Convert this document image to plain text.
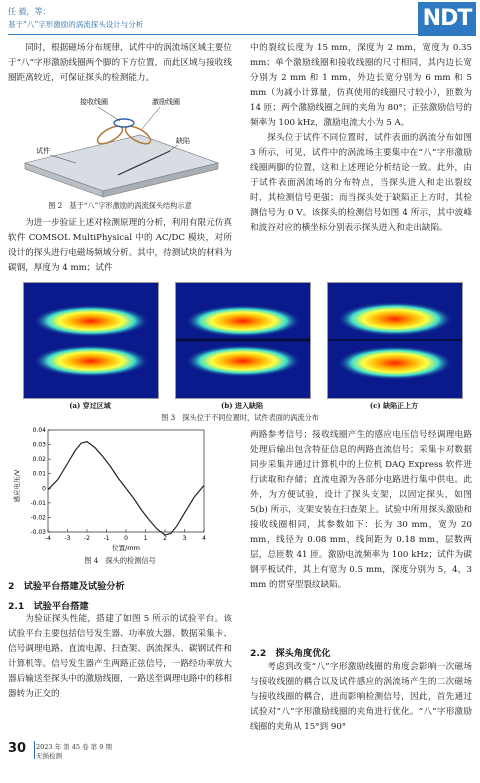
任 毅，等：
基于“八”字形激励的涡流探头设计与分析	NDT

同时，根据磁场分布规律，试件中的涡流场区域主要位于“八”字形激励线圈两个脚的下方位置，而此区域与接收线圈距离较近，可保证探头的检测能力。

接收线圈	激励线圈
试件
缺陷
图 2　基于“八”字形激励的涡流探头结构示意

为进一步验证上述对检测原理的分析，利用有限元仿真软件 COMSOL MultiPhysical 中的 AC/DC 模块，对所设计的探头进行电磁场频域分析。其中，待测试块的材料为碳钢，厚度为 4 mm；试件

中的裂纹长度为 15 mm，深度为 2 mm，宽度为 0.35 mm；单个激励线圈和接收线圈的尺寸相同，其内边长宽分别为 2 mm 和 1 mm，外边长宽分别为 6 mm 和 5 mm（为减小计算量，仿真使用的线圈尺寸较小），匝数为 14 匝；两个激励线圈之间的夹角为 80°；正弦激励信号的频率为 100 kHz，激励电流大小为 5 A。

探头位于试件不同位置时，试件表面的涡流分布如图 3 所示，可见，试件中的涡流场主要集中在“八”字形激励线圈两脚的位置，这和上述理论分析结论一致。此外，由于试件表面涡流场的分布特点，当探头进入和走出裂纹时，其检测信号更强；而当探头处于缺陷正上方时，其检测信号为 0 V。该探头的检测信号如图 4 所示，其中波峰和波谷对应的横坐标分别表示探头进入和走出缺陷。

(a) 穿过区域	(b) 进入缺陷	(c) 缺陷正上方
图 3　探头位于不同位置时，试件表面的涡流分布
0.04
0.03
0.02
0.01
0
-0.01
-0.02
-0.03
-4 -3 -2 -1 0	1	2	3	4
感应电压/V
位置/mm
图 4　探头的检测信号
2　试验平台搭建及试验分析
2.1　试验平台搭建

为验证探头性能，搭建了如图 5 所示的试验平台。该试验平台主要包括信号发生器、功率放大器、数据采集卡、信号调理电路、直流电源、扫查架、涡流探头、碳钢试件和计算机等。信号发生器产生两路正弦信号，一路经功率放大器后输送至探头中的激励线圈，一路送至调理电路中的移相器转为正交的

两路参考信号；接收线圈产生的感应电压信号经调理电路处理后输出包含特征信息的两路直流信号；采集卡对数据同步采集并通过计算机中的上位机 DAQ Express 软件进行读取和存储；直流电源为各部分电路进行集中供电。此外，为方便试验，设计了探头支架，以固定探头，如图 5(b) 所示，支架安装在扫查架上。试验中所用探头激励和接收线圈相同，其参数如下：长为 30 mm，宽为 20 mm，线径为 0.08 mm，线间距为 0.18 mm，层数两层，总匝数 41 匝。激励电流频率为 100 kHz；试件为碳钢平板试件，其上有宽为 0.5 mm，深度分别为 5，4，3 mm 的贯穿型裂纹缺陷。

2.2　探头角度优化

考虑到改变“八”字形激励线圈的角度会影响一次磁场与接收线圈的耦合以及试件感应的涡流场产生的二次磁场与接收线圈的耦合，进而影响检测信号，因此，首先通过试验对“八”字形激励线圈的夹角进行优化。“八”字形激励线圈的夹角从 15°到 90°

30 2023 年 第 45 卷 第 9 期
无损检测
